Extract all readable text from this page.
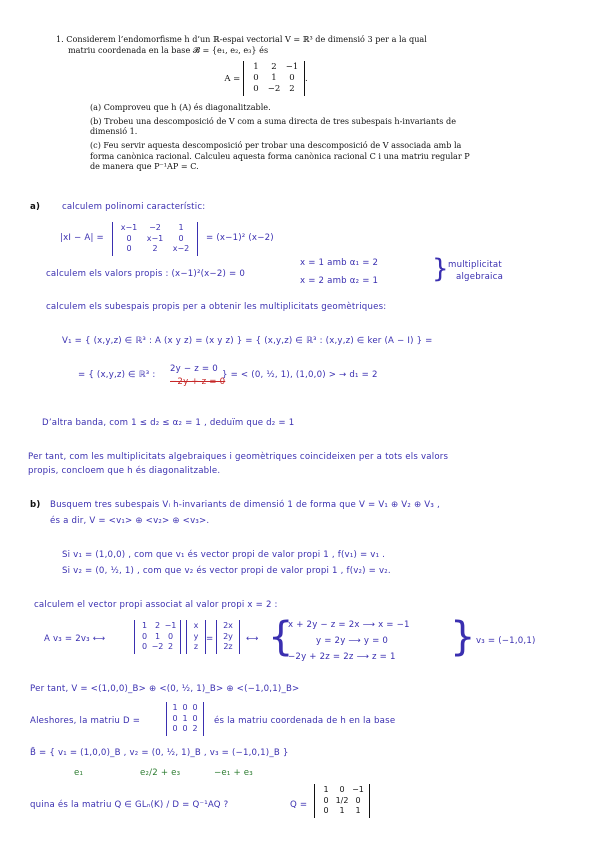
1. Considerem l’endomorfisme h d’un ℝ-espai vectorial V = ℝ³ de dimensió 3 per a la qual

matriu coordenada en la base 𝓑 = {e₁, e₂, e₃} és

A =
1	2	−1
0	1	0
0	−2	2
.

(a) Comproveu que h (A) és diagonalitzable.

(b) Trobeu una descomposició de V com a suma directa de tres subespais h-invariants de dimensió 1.

(c) Feu servir aquesta descomposició per trobar una descomposició de V associada amb la forma canònica racional. Calculeu aquesta forma canònica racional C i una matriu regular P de manera que P⁻¹AP = C.

a)	calculem polinomi característic:
|xI − A| =
x−1	−2	1
0	x−1	0
0	2	x−2
= (x−1)² (x−2)
calculem els valors propis : (x−1)²(x−2) = 0
x = 1 amb α₁ = 2
x = 2 amb α₂ = 1 } multiplicitat
algebraica
calculem els subespais propis per a obtenir les multiplicitats geomètriques:
V₁ = { (x,y,z) ∈ ℝ³ : A (x y z) = (x y z) } = { (x,y,z) ∈ ℝ³ : (x,y,z) ∈ ker (A − I) } =
= { (x,y,z) ∈ ℝ³ :
2y − z = 0
−2y + z = 0
} = < (0, ½, 1), (1,0,0) > → d₁ = 2
D’altra banda, com 1 ≤ d₂ ≤ α₂ = 1 , deduïm que d₂ = 1
Per tant, com les multiplicitats algebraiques i geomètriques coincideixen per a tots els valors
propis, concloem que h és diagonalitzable.
b) Busquem tres subespais Vᵢ h-invariants de dimensió 1 de forma que V = V₁ ⊕ V₂ ⊕ V₃ ,
és a dir, V = <v₁> ⊕ <v₂> ⊕ <v₃>.
Si v₁ = (1,0,0) , com que v₁ és vector propi de valor propi 1 , f(v₁) = v₁ .
Si v₂ = (0, ½, 1) , com que v₂ és vector propi de valor propi 1 , f(v₂) = v₂.
calculem el vector propi associat al valor propi x = 2 :
A v₃ = 2v₃ ⟷
1 2 −1
0 1 0
0 −2 2
x
y
z
=
2x
2y
2z
⟷ {
x + 2y − z = 2x ⟶ x = −1
y = 2y ⟶ y = 0
−2y + 2z = 2z ⟶ z = 1 } v₃ = (−1,0,1)
Per tant, V = <(1,0,0)_B> ⊕ <(0, ½, 1)_B> ⊕ <(−1,0,1)_B>
Aleshores, la matriu D =
1 0 0
0 1 0
0 0 2
és la matriu coordenada de h en la base
B̄ = { v₁ = (1,0,0)_B , v₂ = (0, ½, 1)_B , v₃ = (−1,0,1)_B }
e₁	e₂/2 + e₃	−e₁ + e₃
quina és la matriu Q ∈ GLₙ(K) / D = Q⁻¹AQ ?	Q =
1	0 −1
0 1/2 0
0	1	1
